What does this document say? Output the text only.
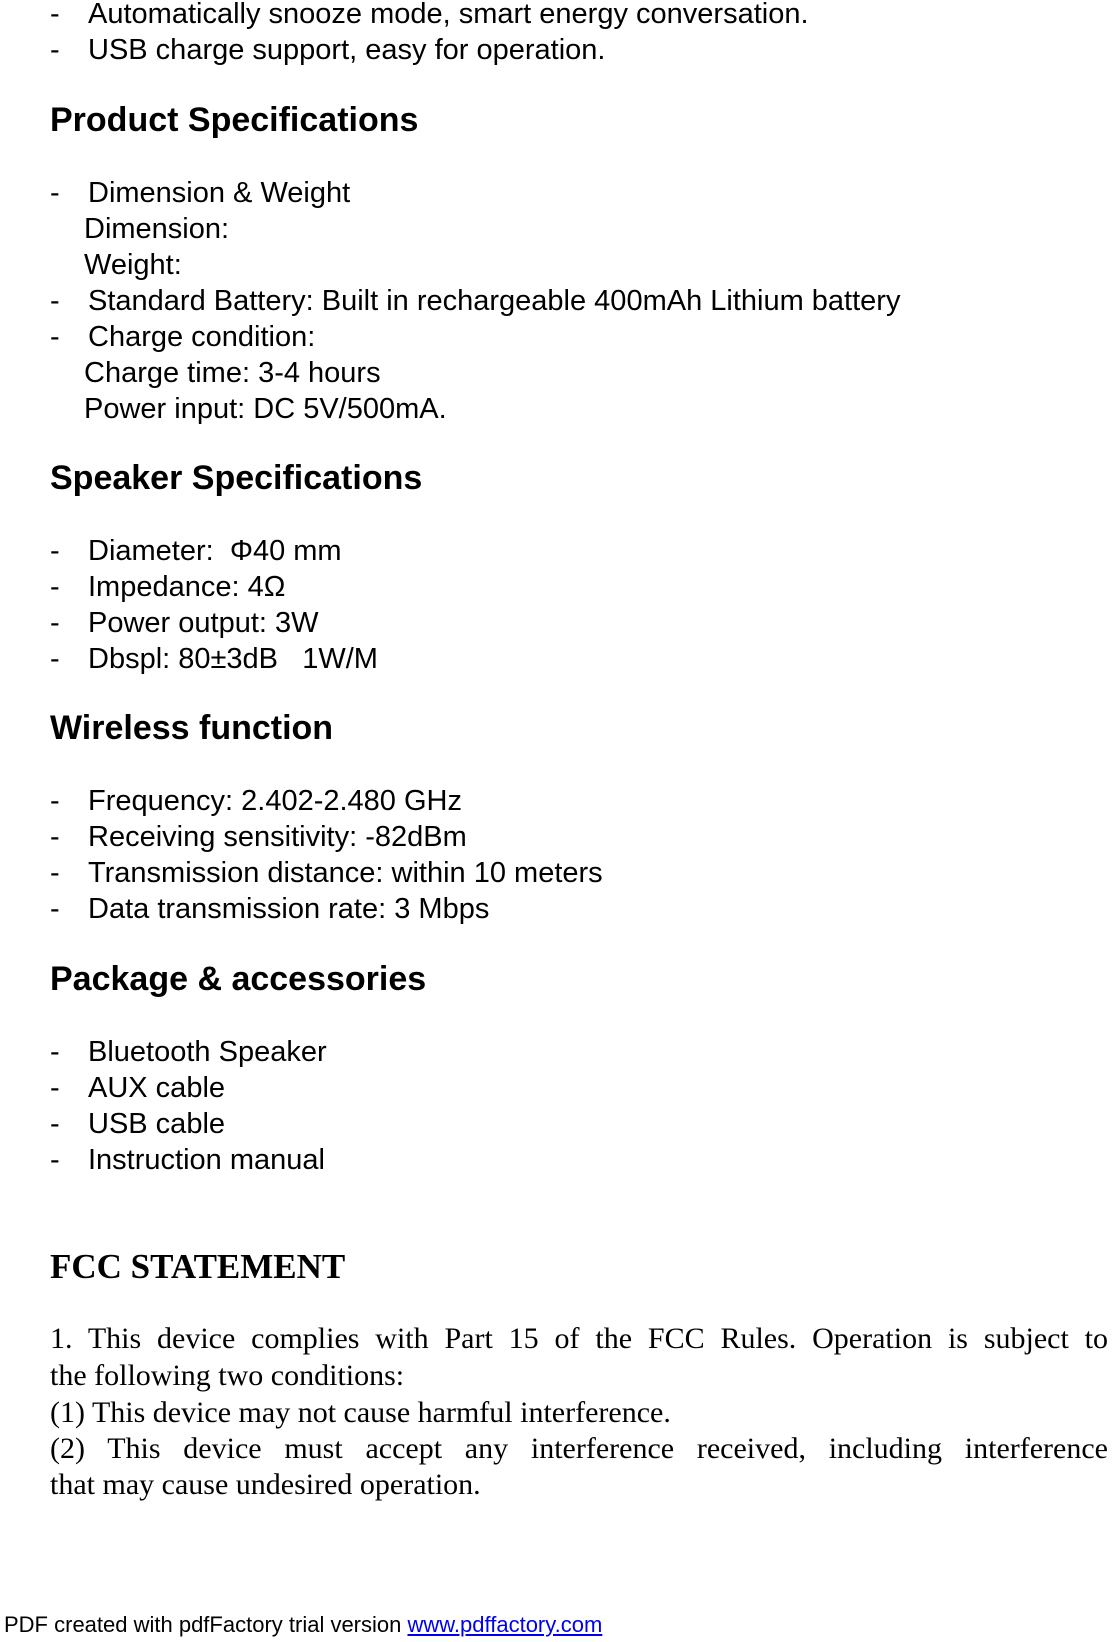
- Automatically snooze mode, smart energy conversation.
- USB charge support, easy for operation.
Product Specifications
- Dimension & Weight
Dimension:
Weight:
- Standard Battery: Built in rechargeable 400mAh Lithium battery
- Charge condition:
Charge time: 3-4 hours
Power input: DC 5V/500mA.
Speaker Specifications
- Diameter:  Φ40 mm
- Impedance: 4Ω
- Power output: 3W
- Dbspl: 80±3dB   1W/M
Wireless function
- Frequency: 2.402-2.480 GHz
- Receiving sensitivity: -82dBm
- Transmission distance: within 10 meters
- Data transmission rate: 3 Mbps
Package & accessories
- Bluetooth Speaker
- AUX cable
- USB cable
- Instruction manual
FCC STATEMENT
1. This device complies with Part 15 of the FCC Rules. Operation is subject to
the following two conditions:
(1) This device may not cause harmful interference.
(2) This device must accept any interference received, including interference
that may cause undesired operation.
PDF created with pdfFactory trial version www.pdffactory.com
